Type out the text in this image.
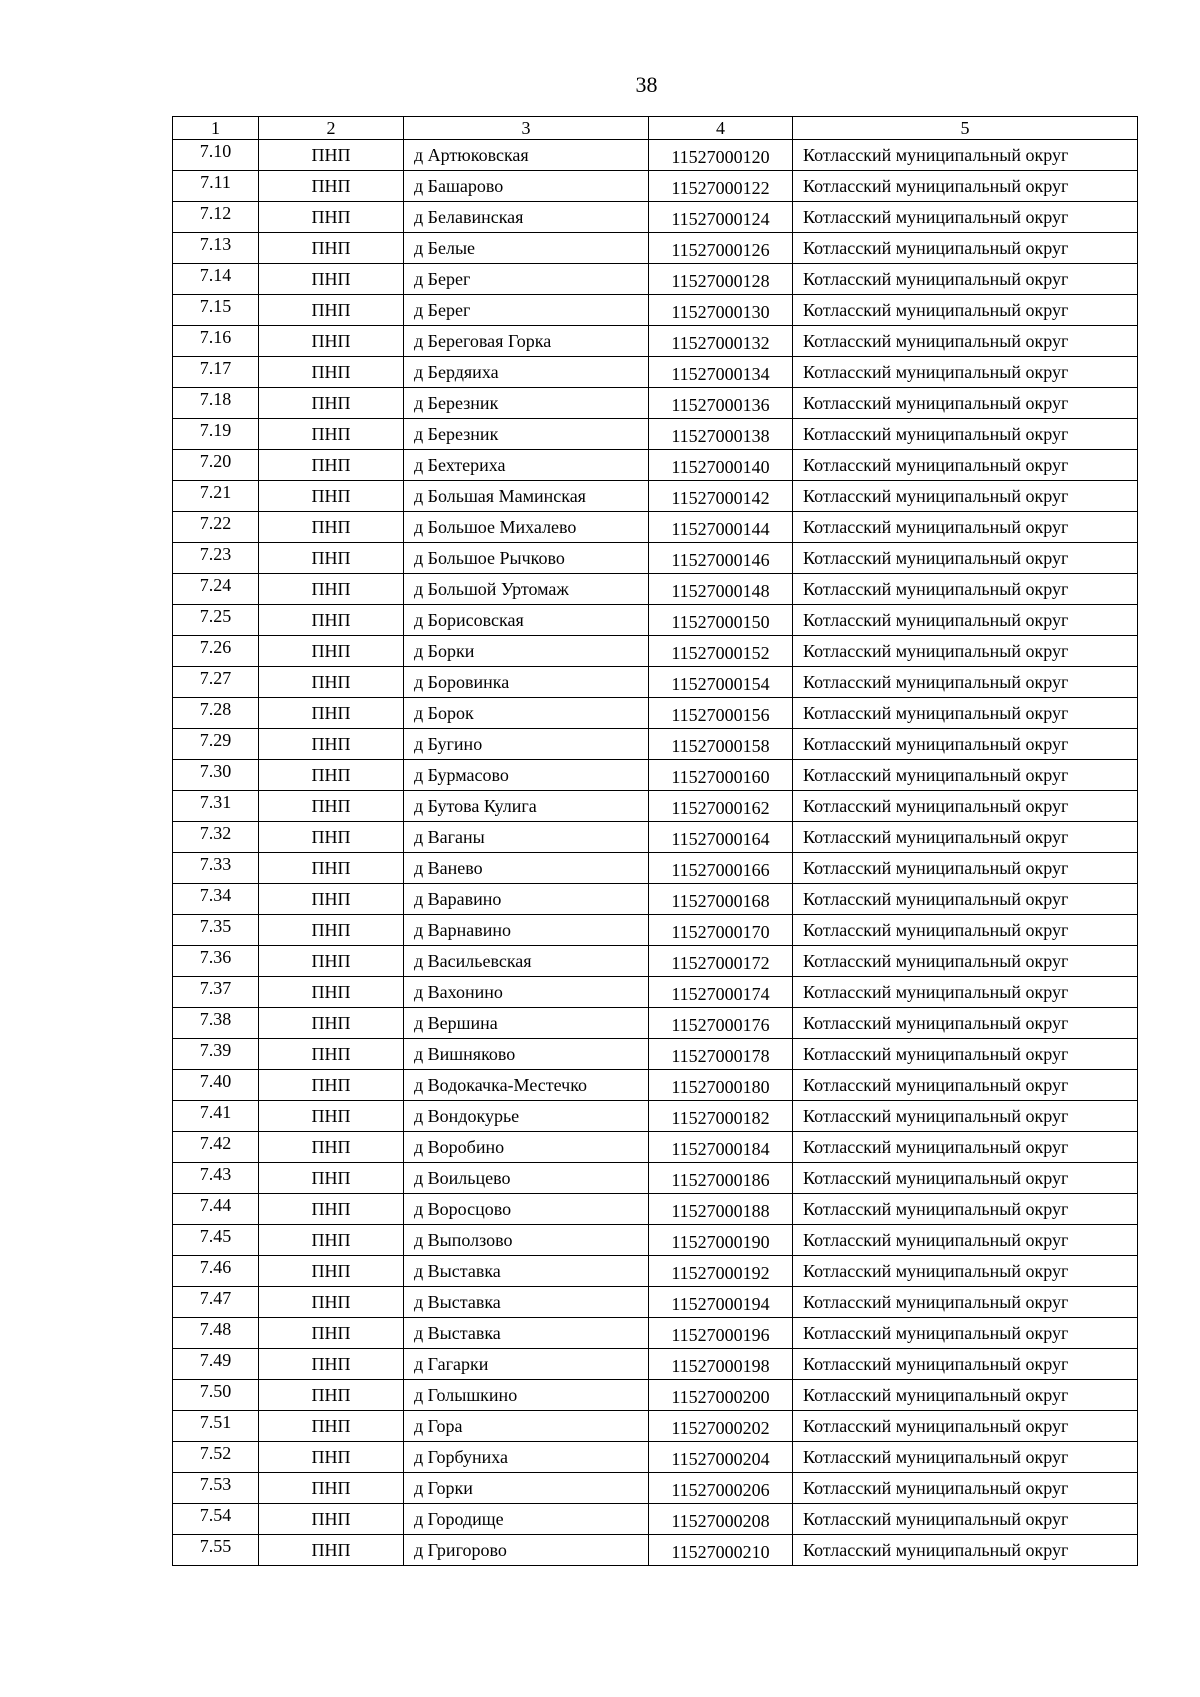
38
1	2	3	4	5
7.10	ПНП	д Артюковская	11527000120	Котласский муниципальный округ
7.11	ПНП	д Башарово	11527000122	Котласский муниципальный округ
7.12	ПНП	д Белавинская	11527000124	Котласский муниципальный округ
7.13	ПНП	д Белые	11527000126	Котласский муниципальный округ
7.14	ПНП	д Берег	11527000128	Котласский муниципальный округ
7.15	ПНП	д Берег	11527000130	Котласский муниципальный округ
7.16	ПНП	д Береговая Горка	11527000132	Котласский муниципальный округ
7.17	ПНП	д Бердяиха	11527000134	Котласский муниципальный округ
7.18	ПНП	д Березник	11527000136	Котласский муниципальный округ
7.19	ПНП	д Березник	11527000138	Котласский муниципальный округ
7.20	ПНП	д Бехтериха	11527000140	Котласский муниципальный округ
7.21	ПНП	д Большая Маминская	11527000142	Котласский муниципальный округ
7.22	ПНП	д Большое Михалево	11527000144	Котласский муниципальный округ
7.23	ПНП	д Большое Рычково	11527000146	Котласский муниципальный округ
7.24	ПНП	д Большой Уртомаж	11527000148	Котласский муниципальный округ
7.25	ПНП	д Борисовская	11527000150	Котласский муниципальный округ
7.26	ПНП	д Борки	11527000152	Котласский муниципальный округ
7.27	ПНП	д Боровинка	11527000154	Котласский муниципальный округ
7.28	ПНП	д Борок	11527000156	Котласский муниципальный округ
7.29	ПНП	д Бугино	11527000158	Котласский муниципальный округ
7.30	ПНП	д Бурмасово	11527000160	Котласский муниципальный округ
7.31	ПНП	д Бутова Кулига	11527000162	Котласский муниципальный округ
7.32	ПНП	д Ваганы	11527000164	Котласский муниципальный округ
7.33	ПНП	д Ванево	11527000166	Котласский муниципальный округ
7.34	ПНП	д Варавино	11527000168	Котласский муниципальный округ
7.35	ПНП	д Варнавино	11527000170	Котласский муниципальный округ
7.36	ПНП	д Васильевская	11527000172	Котласский муниципальный округ
7.37	ПНП	д Вахонино	11527000174	Котласский муниципальный округ
7.38	ПНП	д Вершина	11527000176	Котласский муниципальный округ
7.39	ПНП	д Вишняково	11527000178	Котласский муниципальный округ
7.40	ПНП	д Водокачка-Местечко	11527000180	Котласский муниципальный округ
7.41	ПНП	д Вондокурье	11527000182	Котласский муниципальный округ
7.42	ПНП	д Воробино	11527000184	Котласский муниципальный округ
7.43	ПНП	д Воильцево	11527000186	Котласский муниципальный округ
7.44	ПНП	д Воросцово	11527000188	Котласский муниципальный округ
7.45	ПНП	д Выползово	11527000190	Котласский муниципальный округ
7.46	ПНП	д Выставка	11527000192	Котласский муниципальный округ
7.47	ПНП	д Выставка	11527000194	Котласский муниципальный округ
7.48	ПНП	д Выставка	11527000196	Котласский муниципальный округ
7.49	ПНП	д Гагарки	11527000198	Котласский муниципальный округ
7.50	ПНП	д Голышкино	11527000200	Котласский муниципальный округ
7.51	ПНП	д Гора	11527000202	Котласский муниципальный округ
7.52	ПНП	д Горбуниха	11527000204	Котласский муниципальный округ
7.53	ПНП	д Горки	11527000206	Котласский муниципальный округ
7.54	ПНП	д Городище	11527000208	Котласский муниципальный округ
7.55	ПНП	д Григорово	11527000210	Котласский муниципальный округ
